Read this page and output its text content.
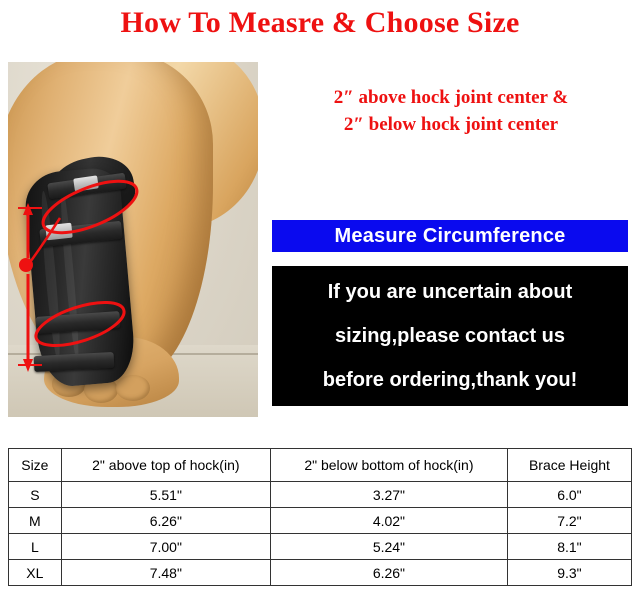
How To Measre & Choose Size
2″ above hock joint center &
2″ below hock joint center
Measure Circumference

If you are uncertain about

sizing,please contact us

before ordering,thank you!

Size	2" above top of hock(in)	2" below bottom of hock(in)	Brace Height
S	5.51"	3.27"	6.0"
M	6.26"	4.02"	7.2"
L	7.00"	5.24"	8.1"
XL	7.48"	6.26"	9.3"
